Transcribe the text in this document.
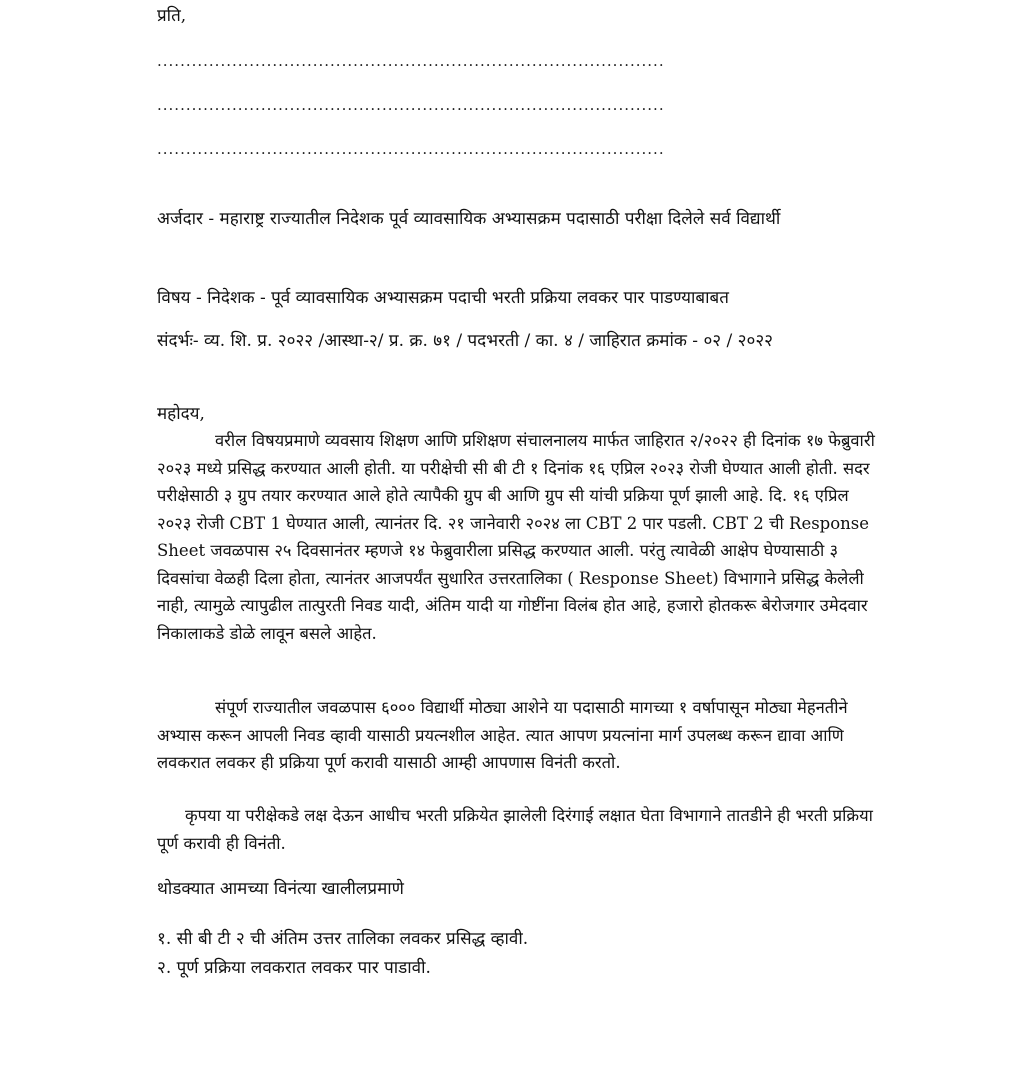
प्रति,
........................................................................................
........................................................................................
........................................................................................
अर्जदार - महाराष्ट्र राज्यातील निदेशक पूर्व व्यावसायिक अभ्यासक्रम पदासाठी परीक्षा दिलेले सर्व विद्यार्थी
विषय - निदेशक - पूर्व व्यावसायिक अभ्यासक्रम पदाची भरती प्रक्रिया लवकर पार पाडण्याबाबत
संदर्भः- व्य. शि. प्र. २०२२ /आस्था-२/ प्र. क्र. ७१ / पदभरती / का. ४ / जाहिरात क्रमांक - ०२ / २०२२
महोदय,
वरील विषयप्रमाणे व्यवसाय शिक्षण आणि प्रशिक्षण संचालनालय मार्फत जाहिरात २/२०२२ ही दिनांक १७ फेब्रुवारी २०२३ मध्ये प्रसिद्ध करण्यात आली होती. या परीक्षेची सी बी टी १ दिनांक १६ एप्रिल २०२३ रोजी घेण्यात आली होती. सदर परीक्षेसाठी ३ ग्रुप तयार करण्यात आले होते त्यापैकी ग्रुप बी आणि ग्रुप सी यांची प्रक्रिया पूर्ण झाली आहे. दि. १६ एप्रिल २०२३ रोजी CBT 1 घेण्यात आली, त्यानंतर दि. २१ जानेवारी २०२४ ला CBT 2 पार पडली. CBT 2 ची Response Sheet जवळपास २५ दिवसानंतर म्हणजे १४ फेब्रुवारीला प्रसिद्ध करण्यात आली. परंतु त्यावेळी आक्षेप घेण्यासाठी ३ दिवसांचा वेळही दिला होता, त्यानंतर आजपर्यंत सुधारित उत्तरतालिका ( Response Sheet) विभागाने प्रसिद्ध केलेली नाही, त्यामुळे त्यापुढील तात्पुरती निवड यादी, अंतिम यादी या गोष्टींना विलंब होत आहे, हजारो होतकरू बेरोजगार उमेदवार निकालाकडे डोळे लावून बसले आहेत.
संपूर्ण राज्यातील जवळपास ६००० विद्यार्थी मोठ्या आशेने या पदासाठी मागच्या १ वर्षापासून मोठ्या मेहनतीने अभ्यास करून आपली निवड व्हावी यासाठी प्रयत्नशील आहेत. त्यात आपण प्रयत्नांना मार्ग उपलब्ध करून द्यावा आणि लवकरात लवकर ही प्रक्रिया पूर्ण करावी यासाठी आम्ही आपणास विनंती करतो.
कृपया या परीक्षेकडे लक्ष देऊन आधीच भरती प्रक्रियेत झालेली दिरंगाई लक्षात घेता विभागाने तातडीने ही भरती प्रक्रिया पूर्ण करावी ही विनंती.
थोडक्यात आमच्या विनंत्या खालीलप्रमाणे
१. सी बी टी २ ची अंतिम उत्तर तालिका लवकर प्रसिद्ध व्हावी.
२. पूर्ण प्रक्रिया लवकरात लवकर पार पाडावी.
